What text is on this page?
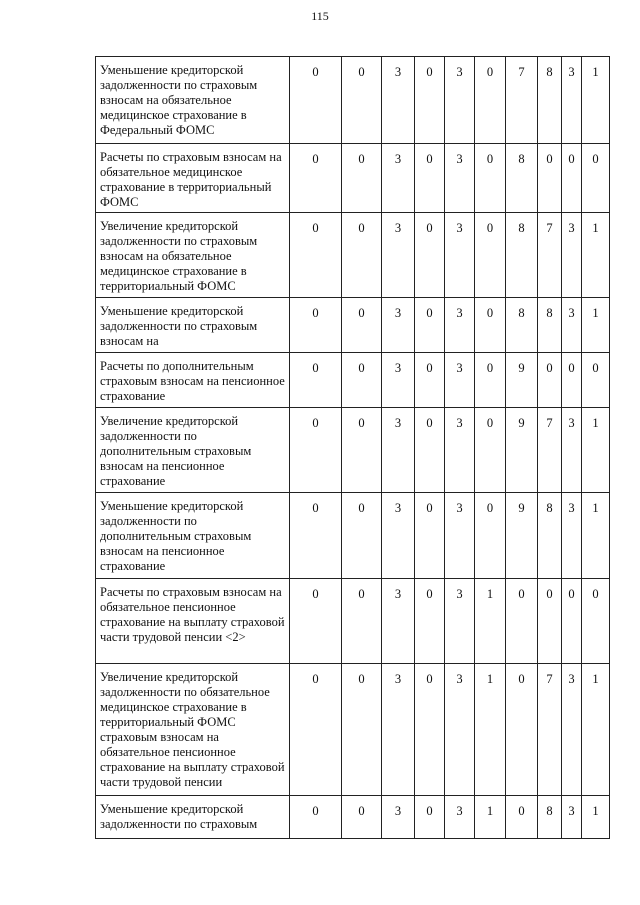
115
Уменьшение кредиторской задолженности по страховым взносам на обязательное медицинское страхование в Федеральный ФОМС	0	0	3	0	3	0	7	8	3	1
Расчеты по страховым взносам на обязательное медицинское страхование в территориальный ФОМС	0	0	3	0	3	0	8	0	0	0
Увеличение кредиторской задолженности по страховым взносам на обязательное медицинское страхование в территориальный ФОМС	0	0	3	0	3	0	8	7	3	1
Уменьшение кредиторской задолженности по страховым взносам на	0	0	3	0	3	0	8	8	3	1
Расчеты по дополнительным страховым взносам на пенсионное страхование	0	0	3	0	3	0	9	0	0	0
Увеличение кредиторской задолженности по дополнительным страховым взносам на пенсионное страхование	0	0	3	0	3	0	9	7	3	1
Уменьшение кредиторской задолженности по дополнительным страховым взносам на пенсионное страхование	0	0	3	0	3	0	9	8	3	1
Расчеты по страховым взносам на обязательное пенсионное страхование на выплату страховой части трудовой пенсии <2>	0	0	3	0	3	1	0	0	0	0
Увеличение кредиторской задолженности по обязательное медицинское страхование в территориальный ФОМС страховым взносам на обязательное пенсионное страхование на выплату страховой части трудовой пенсии	0	0	3	0	3	1	0	7	3	1
Уменьшение кредиторской задолженности по страховым	0	0	3	0	3	1	0	8	3	1
